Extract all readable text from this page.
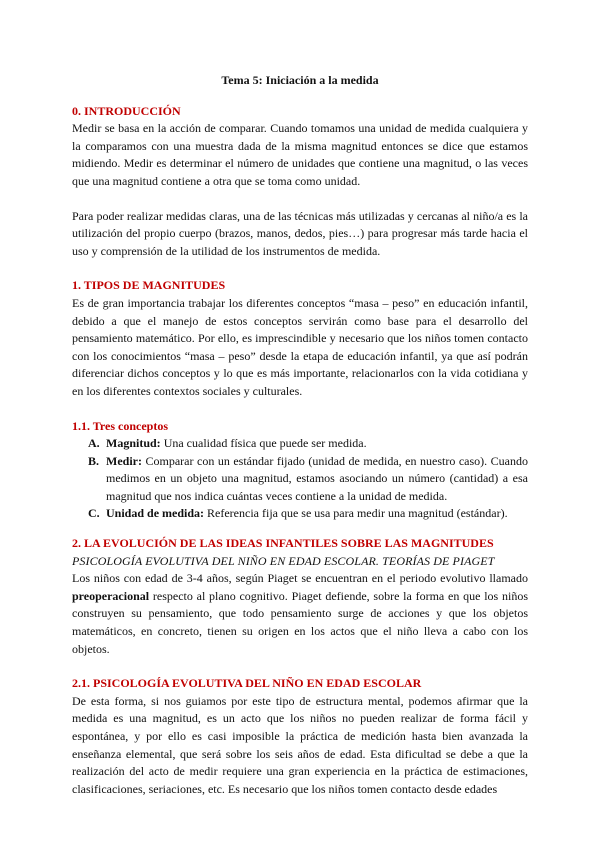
Tema 5: Iniciación a la medida
0. INTRODUCCIÓN

Medir se basa en la acción de comparar. Cuando tomamos una unidad de medida cualquiera y la comparamos con una muestra dada de la misma magnitud entonces se dice que estamos midiendo. Medir es determinar el número de unidades que contiene una magnitud, o las veces que una magnitud contiene a otra que se toma como unidad.

Para poder realizar medidas claras, una de las técnicas más utilizadas y cercanas al niño/a es la utilización del propio cuerpo (brazos, manos, dedos, pies…) para progresar más tarde hacia el uso y comprensión de la utilidad de los instrumentos de medida.

1. TIPOS DE MAGNITUDES

Es de gran importancia trabajar los diferentes conceptos “masa – peso” en educación infantil, debido a que el manejo de estos conceptos servirán como base para el desarrollo del pensamiento matemático. Por ello, es imprescindible y necesario que los niños tomen contacto con los conocimientos “masa – peso” desde la etapa de educación infantil, ya que así podrán diferenciar dichos conceptos y lo que es más importante, relacionarlos con la vida cotidiana y en los diferentes contextos sociales y culturales.

1.1. Tres conceptos
A. Magnitud: Una cualidad física que puede ser medida.
B. Medir: Comparar con un estándar fijado (unidad de medida, en nuestro caso). Cuando medimos en un objeto una magnitud, estamos asociando un número (cantidad) a esa magnitud que nos indica cuántas veces contiene a la unidad de medida.
C. Unidad de medida: Referencia fija que se usa para medir una magnitud (estándar).
2. LA EVOLUCIÓN DE LAS IDEAS INFANTILES SOBRE LAS MAGNITUDES
PSICOLOGÍA EVOLUTIVA DEL NIÑO EN EDAD ESCOLAR. TEORÍAS DE PIAGET

Los niños con edad de 3-4 años, según Piaget se encuentran en el periodo evolutivo llamado preoperacional respecto al plano cognitivo. Piaget defiende, sobre la forma en que los niños construyen su pensamiento, que todo pensamiento surge de acciones y que los objetos matemáticos, en concreto, tienen su origen en los actos que el niño lleva a cabo con los objetos.

2.1. PSICOLOGÍA EVOLUTIVA DEL NIÑO EN EDAD ESCOLAR

De esta forma, si nos guiamos por este tipo de estructura mental, podemos afirmar que la medida es una magnitud, es un acto que los niños no pueden realizar de forma fácil y espontánea, y por ello es casi imposible la práctica de medición hasta bien avanzada la enseñanza elemental, que será sobre los seis años de edad. Esta dificultad se debe a que la realización del acto de medir requiere una gran experiencia en la práctica de estimaciones, clasificaciones, seriaciones, etc. Es necesario que los niños tomen contacto desde edades
